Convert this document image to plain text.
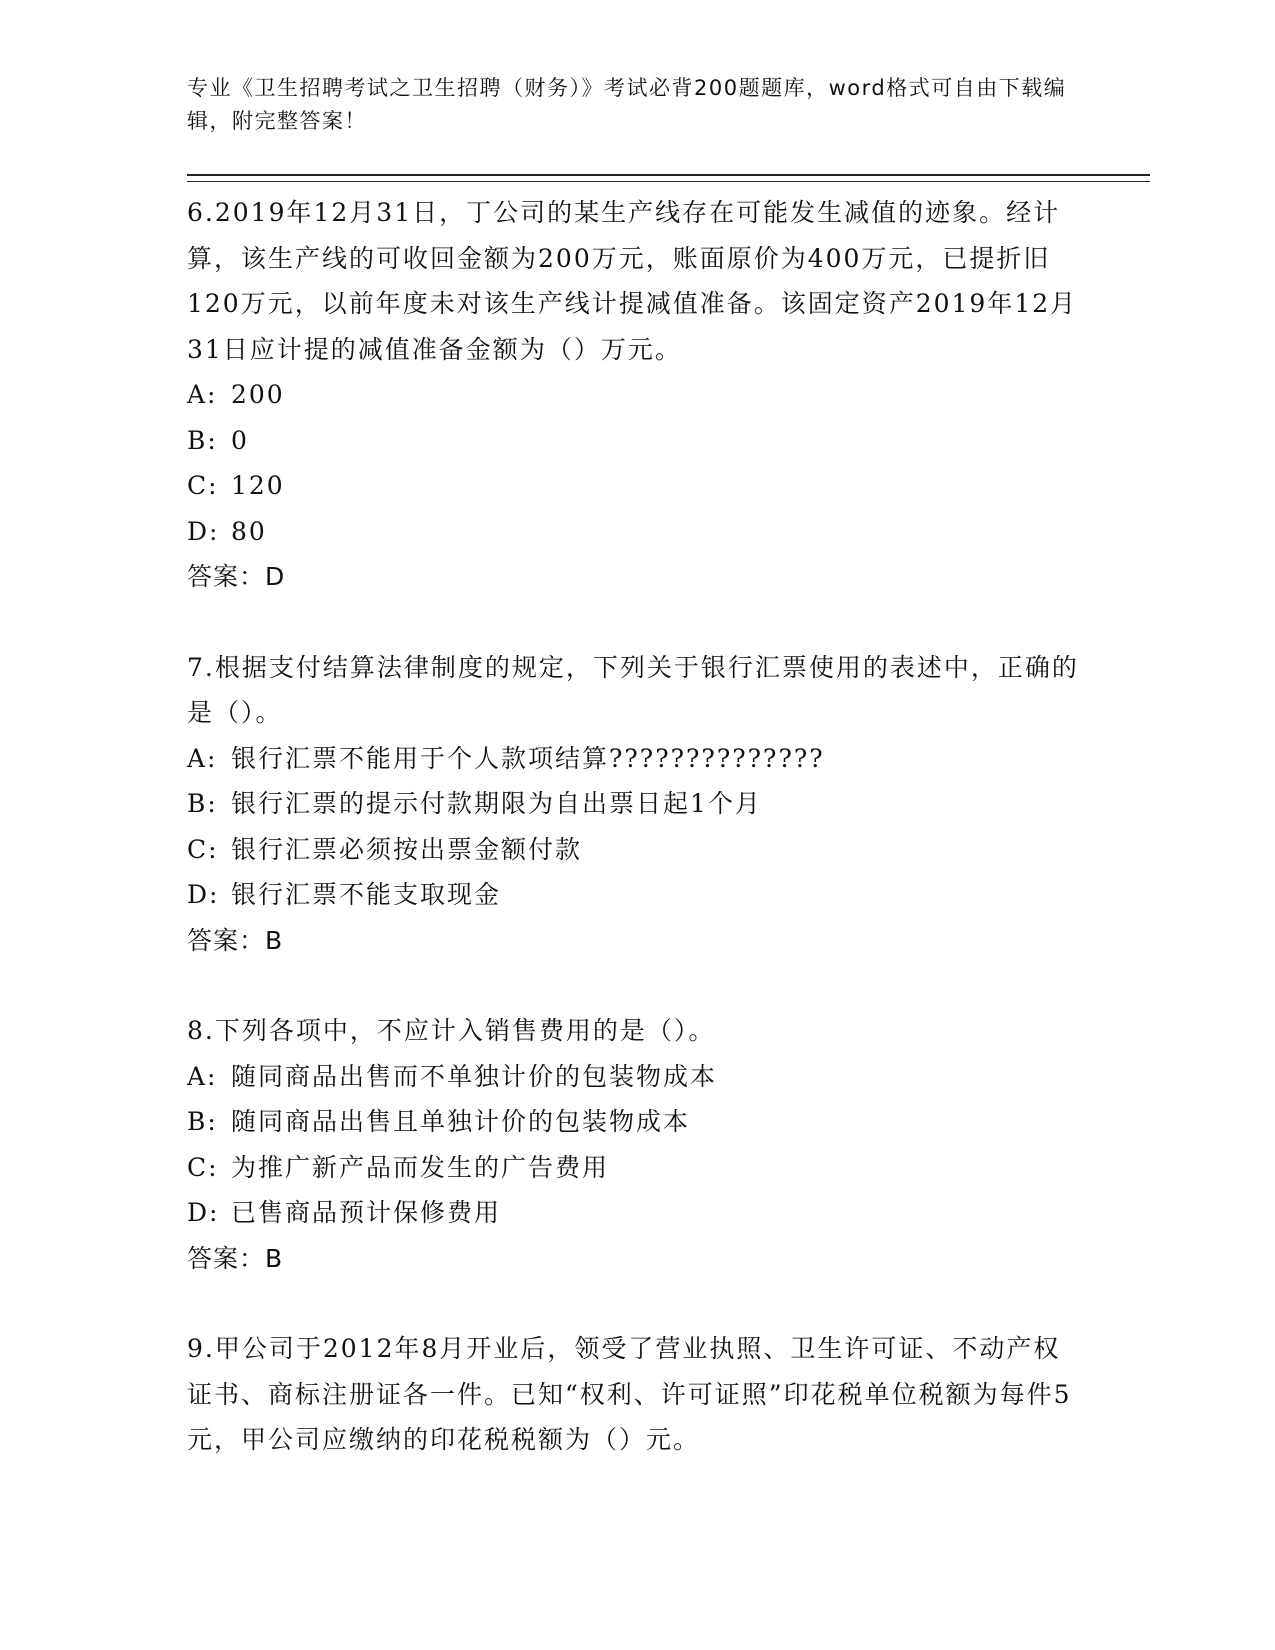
专业《卫生招聘考试之卫生招聘（财务）》考试必背200题题库，word格式可自由下载编辑，附完整答案！
6.2019年12月31日，丁公司的某生产线存在可能发生减值的迹象。经计算，该生产线的可收回金额为200万元，账面原价为400万元，已提折旧120万元，以前年度未对该生产线计提减值准备。该固定资产2019年12月31日应计提的减值准备金额为（）万元。
A: 200
B: 0
C: 120
D: 80
答案：D
7.根据支付结算法律制度的规定，下列关于银行汇票使用的表述中，正确的是（）。
A: 银行汇票不能用于个人款项结算??????????????
B: 银行汇票的提示付款期限为自出票日起1个月
C: 银行汇票必须按出票金额付款
D: 银行汇票不能支取现金
答案：B
8.下列各项中，不应计入销售费用的是（）。
A: 随同商品出售而不单独计价的包装物成本
B: 随同商品出售且单独计价的包装物成本
C: 为推广新产品而发生的广告费用
D: 已售商品预计保修费用
答案：B
9.甲公司于2012年8月开业后，领受了营业执照、卫生许可证、不动产权证书、商标注册证各一件。已知“权利、许可证照”印花税单位税额为每件5元，甲公司应缴纳的印花税税额为（）元。
